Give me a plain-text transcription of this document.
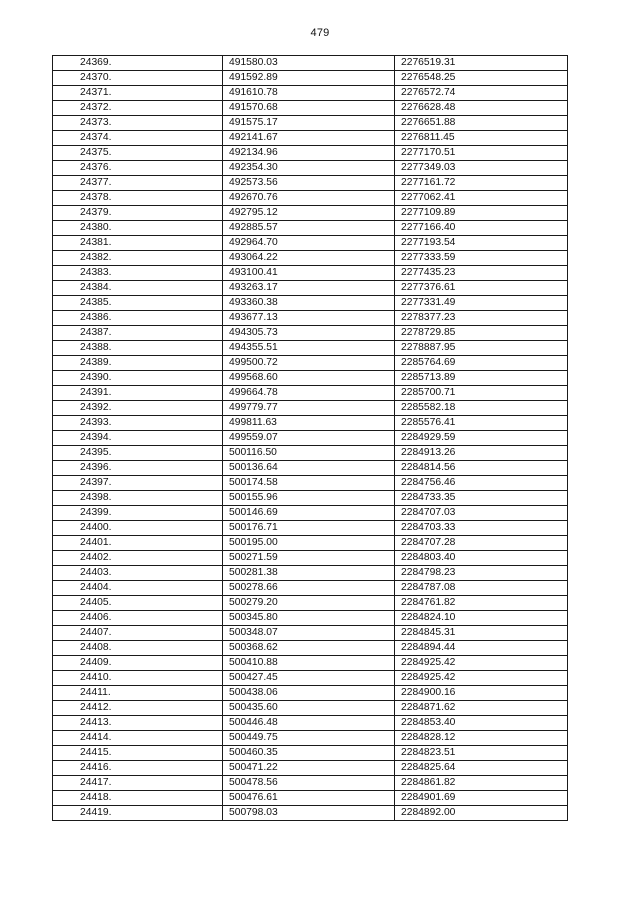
479
24369.	491580.03	2276519.31
24370.	491592.89	2276548.25
24371.	491610.78	2276572.74
24372.	491570.68	2276628.48
24373.	491575.17	2276651.88
24374.	492141.67	2276811.45
24375.	492134.96	2277170.51
24376.	492354.30	2277349.03
24377.	492573.56	2277161.72
24378.	492670.76	2277062.41
24379.	492795.12	2277109.89
24380.	492885.57	2277166.40
24381.	492964.70	2277193.54
24382.	493064.22	2277333.59
24383.	493100.41	2277435.23
24384.	493263.17	2277376.61
24385.	493360.38	2277331.49
24386.	493677.13	2278377.23
24387.	494305.73	2278729.85
24388.	494355.51	2278887.95
24389.	499500.72	2285764.69
24390.	499568.60	2285713.89
24391.	499664.78	2285700.71
24392.	499779.77	2285582.18
24393.	499811.63	2285576.41
24394.	499559.07	2284929.59
24395.	500116.50	2284913.26
24396.	500136.64	2284814.56
24397.	500174.58	2284756.46
24398.	500155.96	2284733.35
24399.	500146.69	2284707.03
24400.	500176.71	2284703.33
24401.	500195.00	2284707.28
24402.	500271.59	2284803.40
24403.	500281.38	2284798.23
24404.	500278.66	2284787.08
24405.	500279.20	2284761.82
24406.	500345.80	2284824.10
24407.	500348.07	2284845.31
24408.	500368.62	2284894.44
24409.	500410.88	2284925.42
24410.	500427.45	2284925.42
24411.	500438.06	2284900.16
24412.	500435.60	2284871.62
24413.	500446.48	2284853.40
24414.	500449.75	2284828.12
24415.	500460.35	2284823.51
24416.	500471.22	2284825.64
24417.	500478.56	2284861.82
24418.	500476.61	2284901.69
24419.	500798.03	2284892.00
